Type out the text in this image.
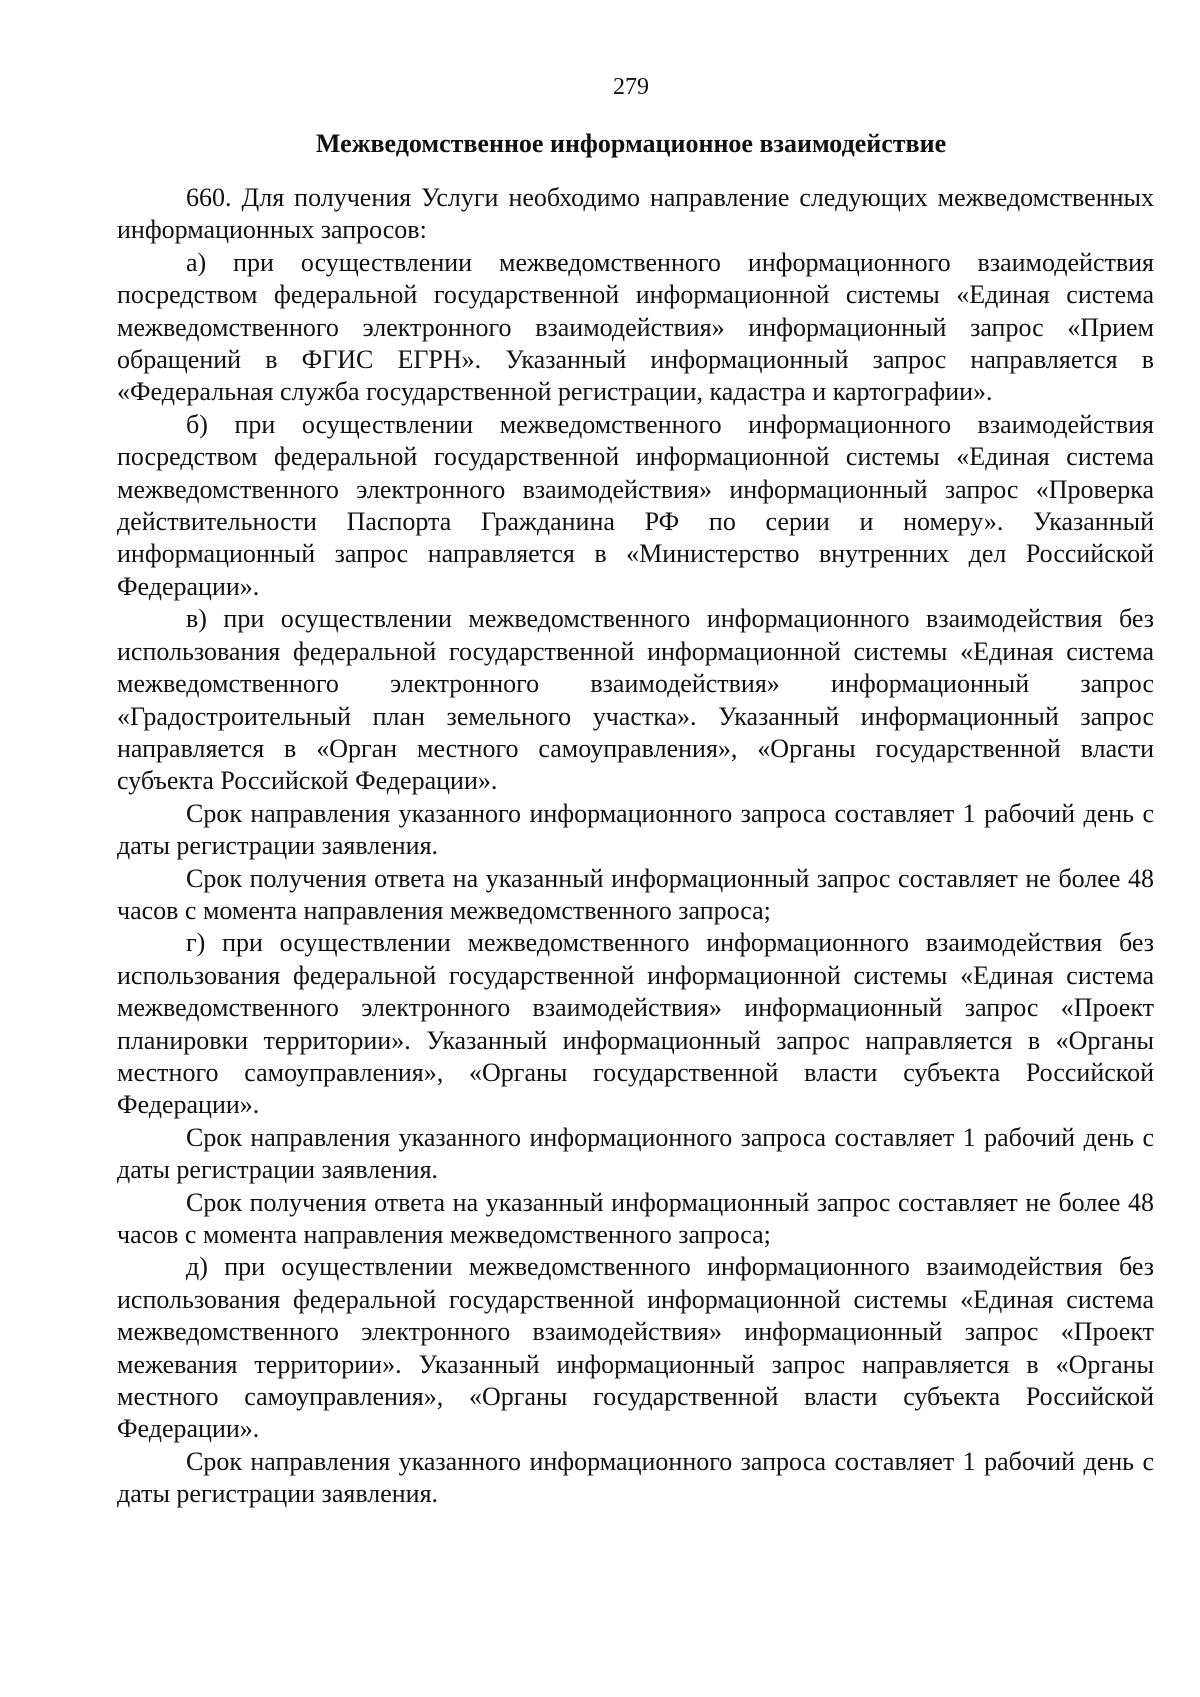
279
Межведомственное информационное взаимодействие

660. Для получения Услуги необходимо направление следующих межведомственных информационных запросов:

а) при осуществлении межведомственного информационного взаимодействия посредством федеральной государственной информационной системы «Единая система межведомственного электронного взаимодействия» информационный запрос «Прием обращений в ФГИС ЕГРН». Указанный информационный запрос направляется в «Федеральная служба государственной регистрации, кадастра и картографии».

б) при осуществлении межведомственного информационного взаимодействия посредством федеральной государственной информационной системы «Единая система межведомственного электронного взаимодействия» информационный запрос «Проверка действительности Паспорта Гражданина РФ по серии и номеру». Указанный информационный запрос направляется в «Министерство внутренних дел Российской Федерации».

в) при осуществлении межведомственного информационного взаимодействия без использования федеральной государственной информационной системы «Единая система межведомственного электронного взаимодействия» информационный запрос «Градостроительный план земельного участка». Указанный информационный запрос направляется в «Орган местного самоуправления», «Органы государственной власти субъекта Российской Федерации».

Срок направления указанного информационного запроса составляет 1 рабочий день с даты регистрации заявления.

Срок получения ответа на указанный информационный запрос составляет не более 48 часов с момента направления межведомственного запроса;

г) при осуществлении межведомственного информационного взаимодействия без использования федеральной государственной информационной системы «Единая система межведомственного электронного взаимодействия» информационный запрос «Проект планировки территории». Указанный информационный запрос направляется в «Органы местного самоуправления», «Органы государственной власти субъекта Российской Федерации».

Срок направления указанного информационного запроса составляет 1 рабочий день с даты регистрации заявления.

Срок получения ответа на указанный информационный запрос составляет не более 48 часов с момента направления межведомственного запроса;

д) при осуществлении межведомственного информационного взаимодействия без использования федеральной государственной информационной системы «Единая система межведомственного электронного взаимодействия» информационный запрос «Проект межевания территории». Указанный информационный запрос направляется в «Органы местного самоуправления», «Органы государственной власти субъекта Российской Федерации».

Срок направления указанного информационного запроса составляет 1 рабочий день с даты регистрации заявления.
